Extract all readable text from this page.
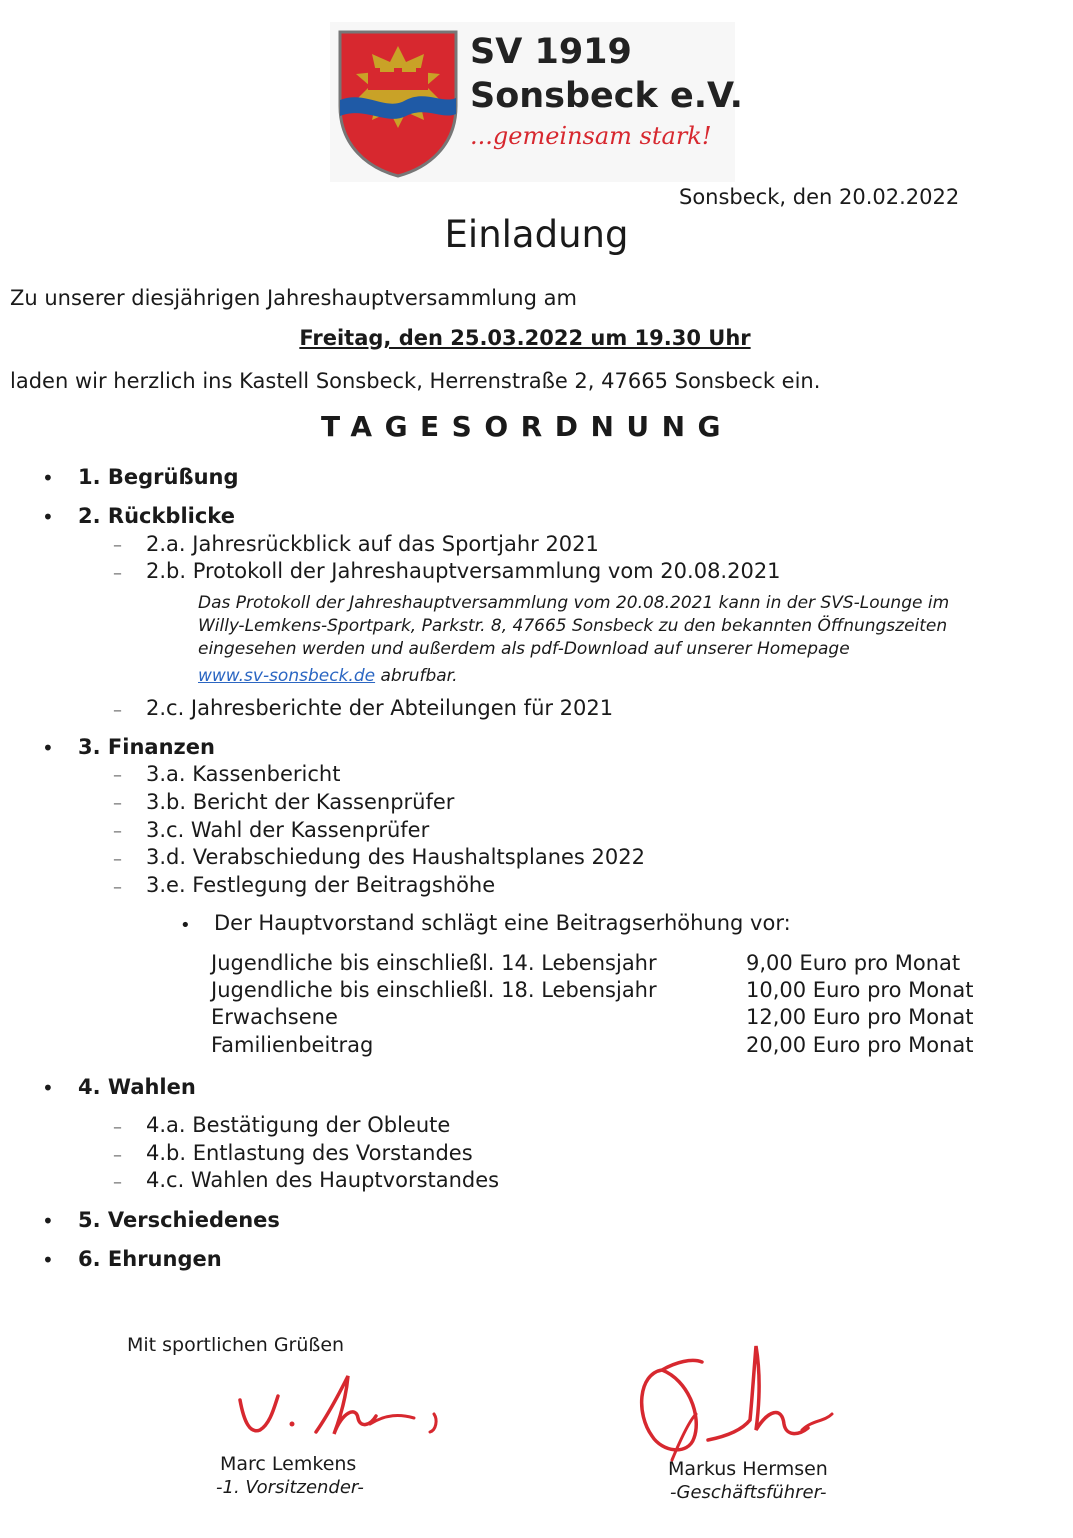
SV 1919
Sonsbeck e.V.
...gemeinsam stark!
Sonsbeck, den 20.02.2022
Einladung
Zu unserer diesjährigen Jahreshauptversammlung am
Freitag, den 25.03.2022 um 19.30 Uhr
laden wir herzlich ins Kastell Sonsbeck, Herrenstraße 2, 47665 Sonsbeck ein.
TAGESORDNUNG
• 1. Begrüßung
• 2. Rückblicke
– 2.a. Jahresrückblick auf das Sportjahr 2021
– 2.b. Protokoll der Jahreshauptversammlung vom 20.08.2021
Das Protokoll der Jahreshauptversammlung vom 20.08.2021 kann in der SVS-Lounge im
Willy-Lemkens-Sportpark, Parkstr. 8, 47665 Sonsbeck zu den bekannten Öffnungszeiten
eingesehen werden und außerdem als pdf-Download auf unserer Homepage
www.sv-sonsbeck.de abrufbar.
– 2.c. Jahresberichte der Abteilungen für 2021
• 3. Finanzen
– 3.a. Kassenbericht
– 3.b. Bericht der Kassenprüfer
– 3.c. Wahl der Kassenprüfer
– 3.d. Verabschiedung des Haushaltsplanes 2022
– 3.e. Festlegung der Beitragshöhe
• Der Hauptvorstand schlägt eine Beitragserhöhung vor:
Jugendliche bis einschließl. 14. Lebensjahr	9,00 Euro pro Monat
Jugendliche bis einschließl. 18. Lebensjahr	10,00 Euro pro Monat
Erwachsene	12,00 Euro pro Monat
Familienbeitrag	20,00 Euro pro Monat
• 4. Wahlen
– 4.a. Bestätigung der Obleute
– 4.b. Entlastung des Vorstandes
– 4.c. Wahlen des Hauptvorstandes
• 5. Verschiedenes
• 6. Ehrungen
Mit sportlichen Grüßen
Marc Lemkens
-1. Vorsitzender-
Markus Hermsen
-Geschäftsführer-
